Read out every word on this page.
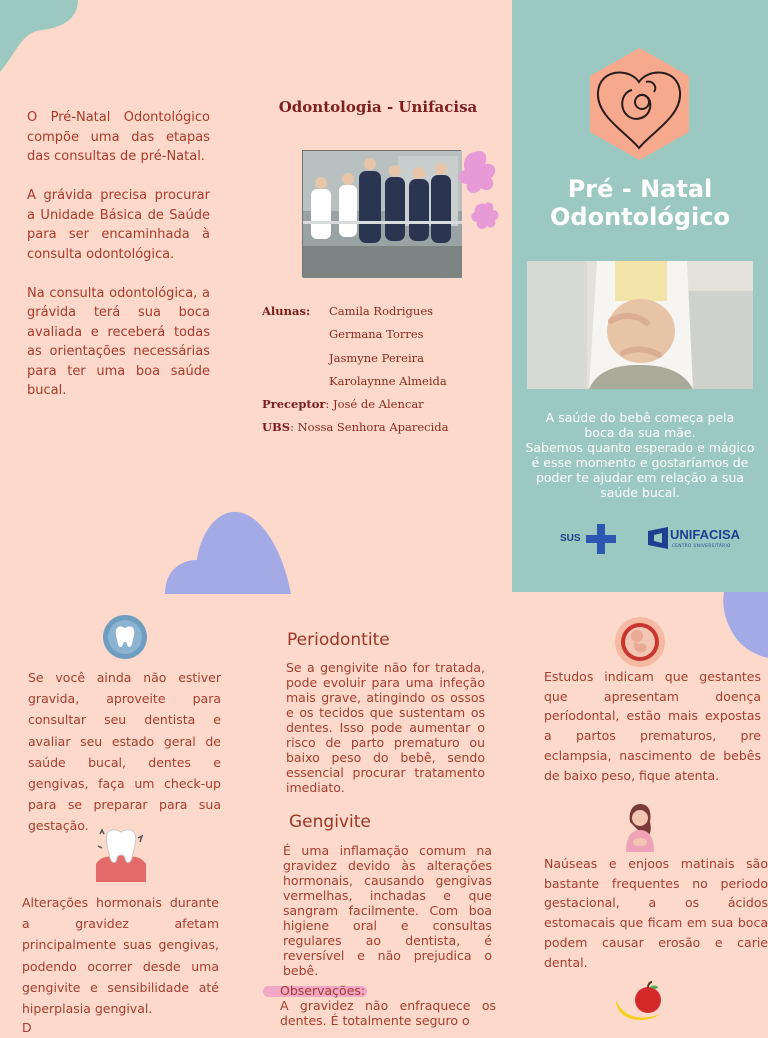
O Pré-Natal Odontológico compõe uma das etapas das consultas de pré-Natal.

A grávida precisa procurar a Unidade Básica de Saúde para ser encaminhada à consulta odontológica.

Na consulta odontológica, a grávida terá sua boca avaliada e receberá todas as orientações necessárias para ter uma boa saúde bucal.

Odontologia - Unifacisa
Alunas:	Camila Rodrigues
Germana Torres
Jasmyne Pereira
Karolaynne Almeida
Preceptor : José de Alencar
UBS : Nossa Senhora Aparecida
Pré - Natal
Odontológico
A saúde do bebê começa pela boca da sua mãe.
Sabemos quanto esperado e mágico é esse momento e gostaríamos de poder te ajudar em relação a sua saúde bucal.
SUS	UNIFACISA
CENTRO UNIVERSITÁRIO
Se você ainda não estiver gravida, aproveite para consultar seu dentista e avaliar seu estado geral de saúde bucal, dentes e gengivas, faça um check-up para se preparar para sua gestação.
Alterações hormonais durante a gravidez afetam principalmente suas gengivas, podendo ocorrer desde uma gengivite e sensibilidade até hiperplasia gengival.
D
Periodontite
Se a gengivite não for tratada, pode evoluir para uma infeção mais grave, atingindo os ossos e os tecidos que sustentam os dentes. Isso pode aumentar o risco de parto prematuro ou baixo peso do bebê, sendo essencial procurar tratamento imediato.
Gengivite
É uma inflamação comum na gravidez devido às alterações hormonais, causando gengivas vermelhas, inchadas e que sangram facilmente. Com boa higiene oral e consultas regulares ao dentista, é reversível e não prejudica o bebê.
Observações:
A gravidez não enfraquece os dentes. É totalmente seguro o
Estudos indicam que gestantes que apresentam doença períodontal, estão mais expostas a partos prematuros, pre eclampsia, nascimento de bebês de baixo peso, fique atenta.
Naúseas e enjoos matinais são bastante frequentes no periodo gestacional, a os ácidos estomacais que ficam em sua boca podem causar erosão e carie dental.
